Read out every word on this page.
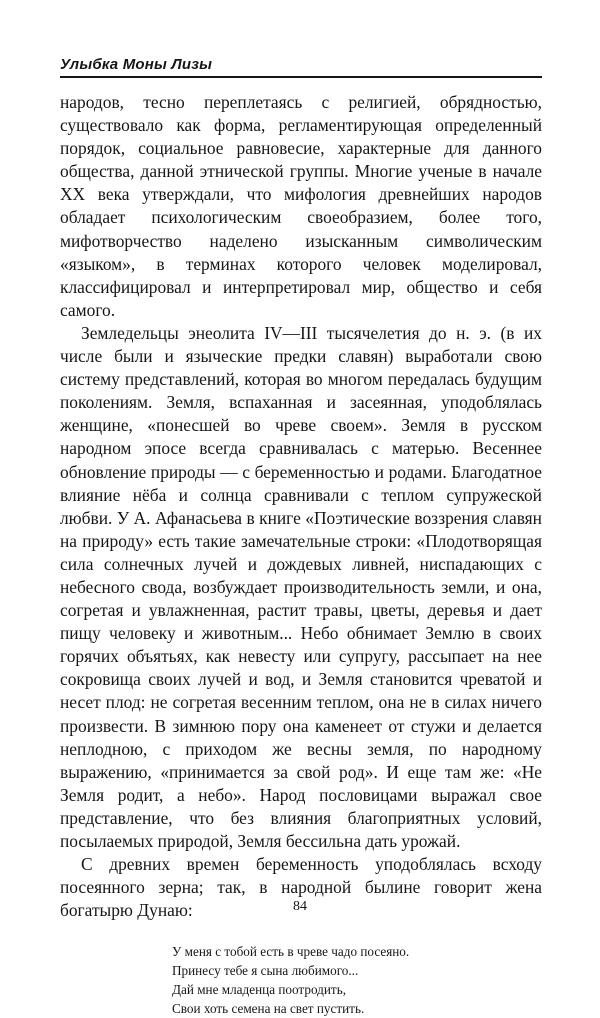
Улыбка Моны Лизы

народов, тесно переплетаясь с религией, обрядностью, существовало как форма, регламентирующая определенный порядок, социальное равновесие, характерные для данного общества, данной этнической группы. Многие ученые в начале XX века утверждали, что мифология древнейших народов обладает психологическим своеобразием, более того, мифотворчество наделено изысканным символическим «языком», в терминах которого человек моделировал, классифицировал и интерпретировал мир, общество и себя самого.

Земледельцы энеолита IV—III тысячелетия до н. э. (в их числе были и языческие предки славян) выработали свою систему представлений, которая во многом передалась будущим поколениям. Земля, вспаханная и засеянная, уподоблялась женщине, «понесшей во чреве своем». Земля в русском народном эпосе всегда сравнивалась с матерью. Весеннее обновление природы — с беременностью и родами. Благодатное влияние нёба и солнца сравнивали с теплом супружеской любви. У А. Афанасьева в книге «Поэтические воззрения славян на природу» есть такие замечательные строки: «Плодотворящая сила солнечных лучей и дождевых ливней, ниспадающих с небесного свода, возбуждает производительность земли, и она, согретая и увлажненная, растит травы, цветы, деревья и дает пищу человеку и животным... Небо обнимает Землю в своих горячих объятьях, как невесту или супругу, рассыпает на нее сокровища своих лучей и вод, и Земля становится чреватой и несет плод: не согретая весенним теплом, она не в силах ничего произвести. В зимнюю пору она каменеет от стужи и делается неплодною, с приходом же весны земля, по народному выражению, «принимается за свой род». И еще там же: «Не Земля родит, а небо». Народ пословицами выражал свое представление, что без влияния благоприятных условий, посылаемых природой, Земля бессильна дать урожай.

С древних времен беременность уподоблялась всходу посеянного зерна; так, в народной былине говорит жена богатырю Дунаю:

У меня с тобой есть в чреве чадо посеяно.
Принесу тебе я сына любимого...
Дай мне младенца поотродить,
Свои хоть семена на свет пустить.
84
